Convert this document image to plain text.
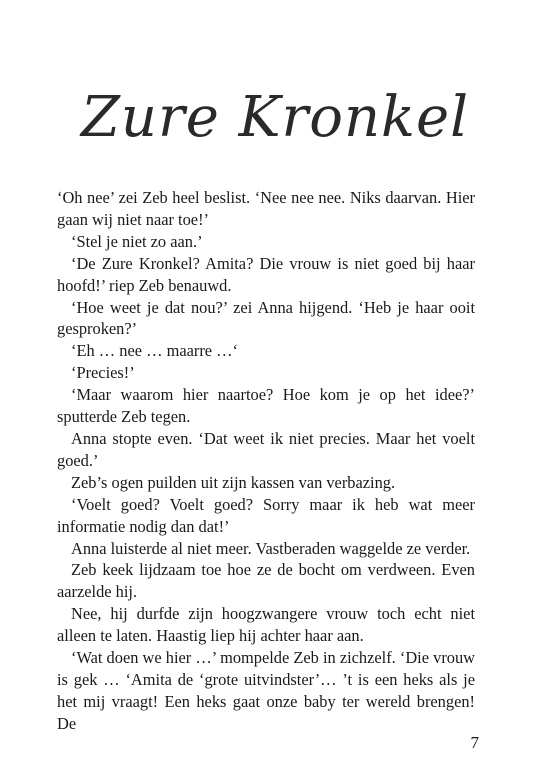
Zure Kronkel

‘Oh nee’ zei Zeb heel beslist. ‘Nee nee nee. Niks daarvan. Hier gaan wij niet naar toe!’

‘Stel je niet zo aan.’

‘De Zure Kronkel? Amita? Die vrouw is niet goed bij haar hoofd!’ riep Zeb benauwd.

‘Hoe weet je dat nou?’ zei Anna hijgend. ‘Heb je haar ooit gesproken?’

‘Eh … nee … maarre …‘

‘Precies!’

‘Maar waarom hier naartoe? Hoe kom je op het idee?’ sputterde Zeb tegen.

Anna stopte even. ‘Dat weet ik niet precies. Maar het voelt goed.’

Zeb’s ogen puilden uit zijn kassen van verbazing.

‘Voelt goed? Voelt goed? Sorry maar ik heb wat meer informatie nodig dan dat!’

Anna luisterde al niet meer. Vastberaden waggelde ze verder.

Zeb keek lijdzaam toe hoe ze de bocht om verdween. Even aarzelde hij.

Nee, hij durfde zijn hoogzwangere vrouw toch echt niet alleen te laten. Haastig liep hij achter haar aan.

‘Wat doen we hier …’ mompelde Zeb in zichzelf. ‘Die vrouw is gek … ‘Amita de ‘grote uitvindster’… ’t is een heks als je het mij vraagt! Een heks gaat onze baby ter wereld brengen! De

7
